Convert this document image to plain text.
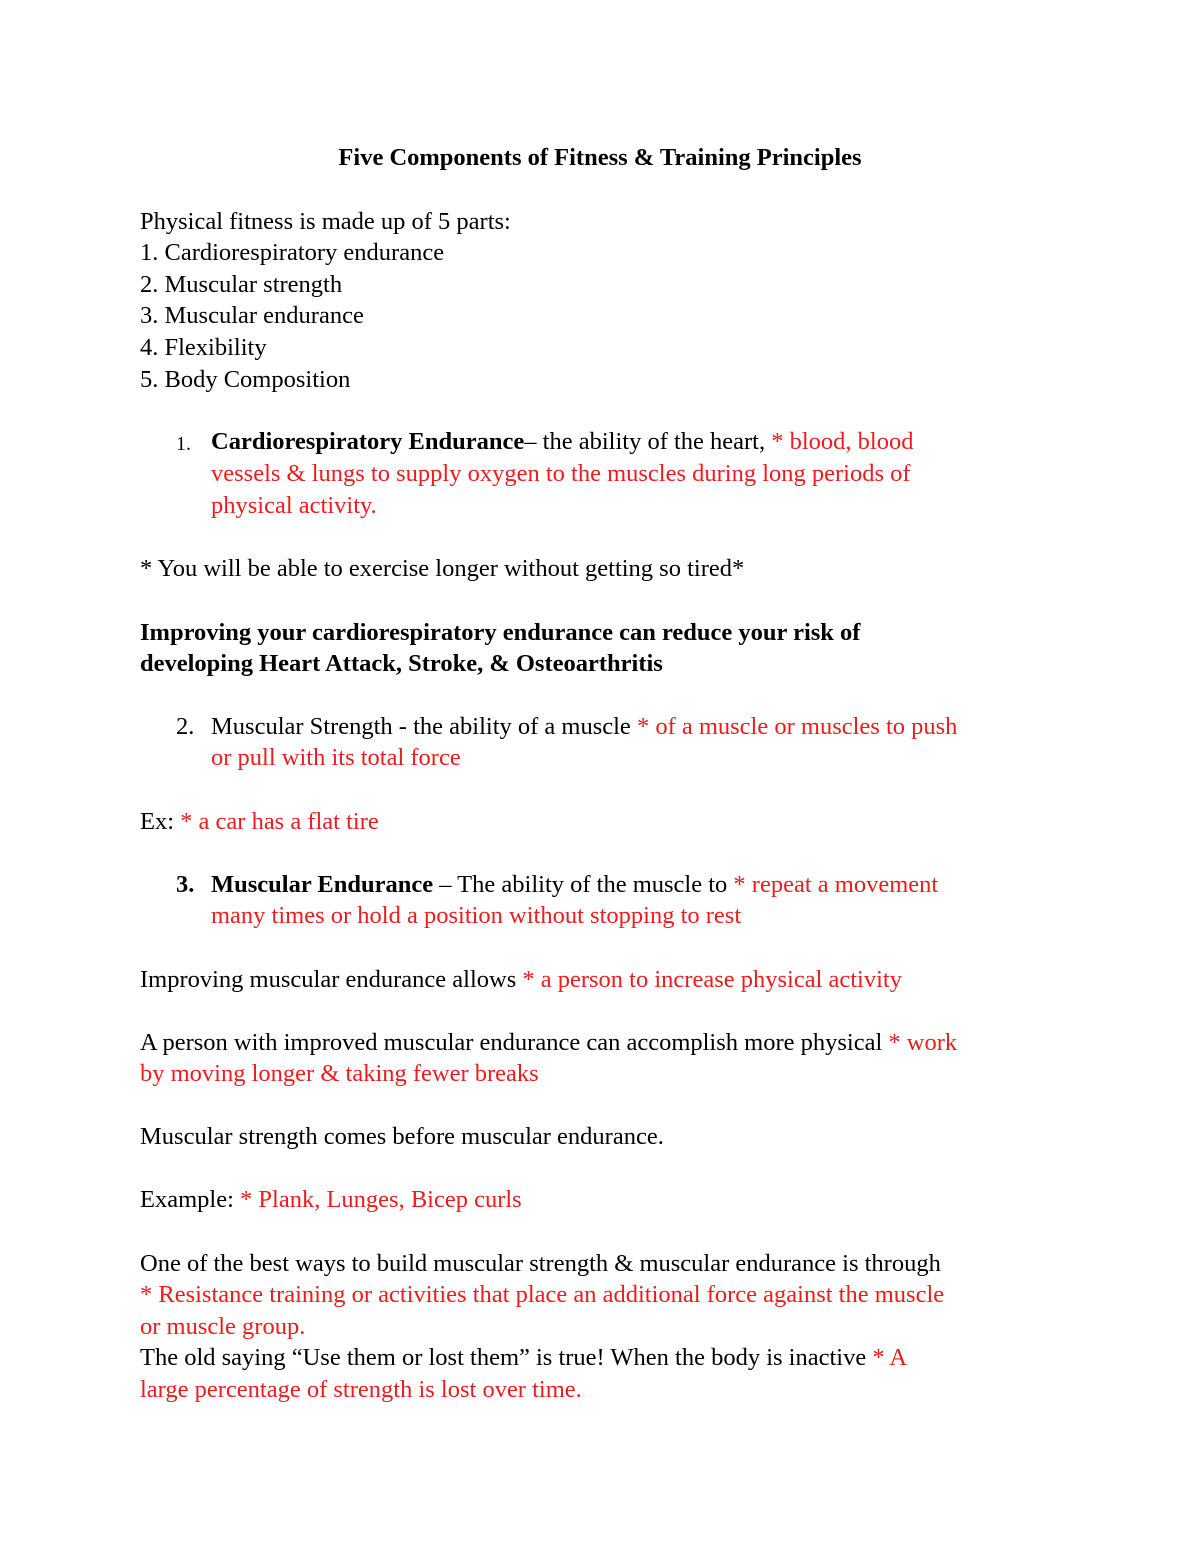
Five Components of Fitness & Training Principles
Physical fitness is made up of 5 parts:
1. Cardiorespiratory endurance
2. Muscular strength
3. Muscular endurance
4. Flexibility
5. Body Composition
1. Cardiorespiratory Endurance– the ability of the heart, * blood, blood
vessels & lungs to supply oxygen to the muscles during long periods of
physical activity.
* You will be able to exercise longer without getting so tired*
Improving your cardiorespiratory endurance can reduce your risk of
developing Heart Attack, Stroke, & Osteoarthritis
2. Muscular Strength - the ability of a muscle * of a muscle or muscles to push
or pull with its total force
Ex: * a car has a flat tire
3. Muscular Endurance – The ability of the muscle to * repeat a movement
many times or hold a position without stopping to rest
Improving muscular endurance allows * a person to increase physical activity
A person with improved muscular endurance can accomplish more physical * work
by moving longer & taking fewer breaks
Muscular strength comes before muscular endurance.
Example: * Plank, Lunges, Bicep curls
One of the best ways to build muscular strength & muscular endurance is through
* Resistance training or activities that place an additional force against the muscle
or muscle group.
The old saying “Use them or lost them” is true! When the body is inactive * A
large percentage of strength is lost over time.
